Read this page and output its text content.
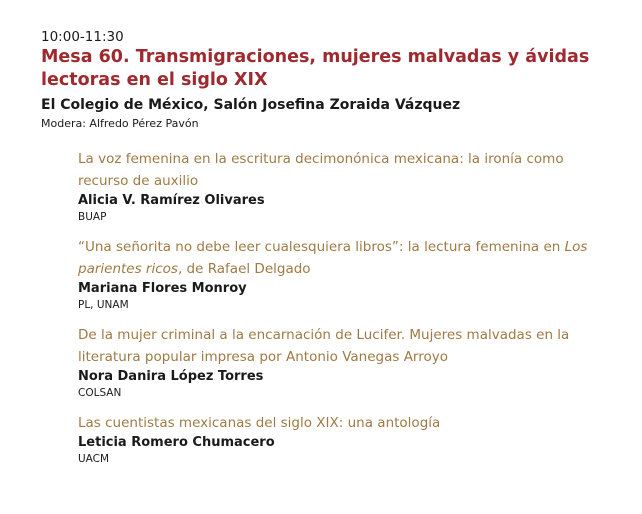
10:00-11:30
Mesa 60. Transmigraciones, mujeres malvadas y ávidas lectoras en el siglo XIX
El Colegio de México, Salón Josefina Zoraida Vázquez
Modera: Alfredo Pérez Pavón
La voz femenina en la escritura decimonónica mexicana: la ironía como recurso de auxilio
Alicia V. Ramírez Olivares
BUAP
“Una señorita no debe leer cualesquiera libros”: la lectura femenina en Los parientes ricos, de Rafael Delgado
Mariana Flores Monroy
PL, UNAM
De la mujer criminal a la encarnación de Lucifer. Mujeres malvadas en la literatura popular impresa por Antonio Vanegas Arroyo
Nora Danira López Torres
COLSAN
Las cuentistas mexicanas del siglo XIX: una antología
Leticia Romero Chumacero
UACM
